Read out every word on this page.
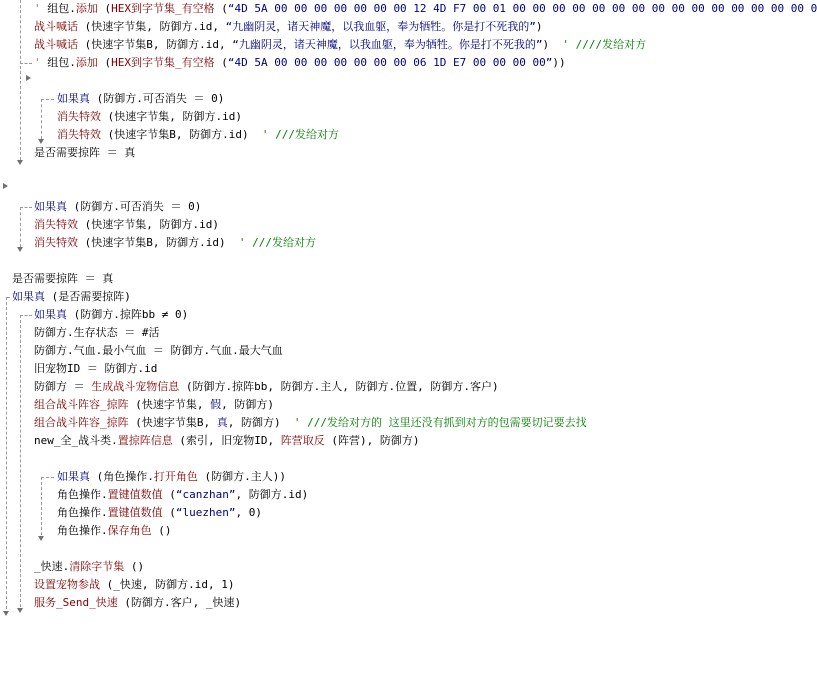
' 组包.添加 (HEX到字节集_有空格 (“4D 5A 00 00 00 00 00 00 00 12 4D F7 00 01 00 00 00 00 00 00 00 00 00 00 00 00 00 00 00 0
战斗喊话 (快速字节集, 防御方.id, “九幽阴灵，诸天神魔，以我血躯，奉为牺牲。你是打不死我的”)
战斗喊话 (快速字节集B, 防御方.id, “九幽阴灵，诸天神魔，以我血躯，奉为牺牲。你是打不死我的”)  ' ////发给对方
' 组包.添加 (HEX到字节集_有空格 (“4D 5A 00 00 00 00 00 00 00 06 1D E7 00 00 00 00”))
如果真 (防御方.可否消失 ＝ 0)
消失特效 (快速字节集, 防御方.id)
消失特效 (快速字节集B, 防御方.id)  ' ///发给对方
是否需要掠阵 ＝ 真
如果真 (防御方.可否消失 ＝ 0)
消失特效 (快速字节集, 防御方.id)
消失特效 (快速字节集B, 防御方.id)  ' ///发给对方
是否需要掠阵 ＝ 真
如果真 (是否需要掠阵)
如果真 (防御方.掠阵bb ≠ 0)
防御方.生存状态 ＝ #活
防御方.气血.最小气血 ＝ 防御方.气血.最大气血
旧宠物ID ＝ 防御方.id
防御方 ＝ 生成战斗宠物信息 (防御方.掠阵bb, 防御方.主人, 防御方.位置, 防御方.客户)
组合战斗阵容_掠阵 (快速字节集, 假, 防御方)
组合战斗阵容_掠阵 (快速字节集B, 真, 防御方)  ' ///发给对方的 这里还没有抓到对方的包需要切记要去找
new_全_战斗类.置掠阵信息 (索引, 旧宠物ID, 阵营取反 (阵营), 防御方)
如果真 (角色操作.打开角色 (防御方.主人))
角色操作.置键值数值 (“canzhan”, 防御方.id)
角色操作.置键值数值 (“luezhen”, 0)
角色操作.保存角色 ()
_快速.清除字节集 ()
设置宠物参战 (_快速, 防御方.id, 1)
服务_Send_快速 (防御方.客户, _快速)
